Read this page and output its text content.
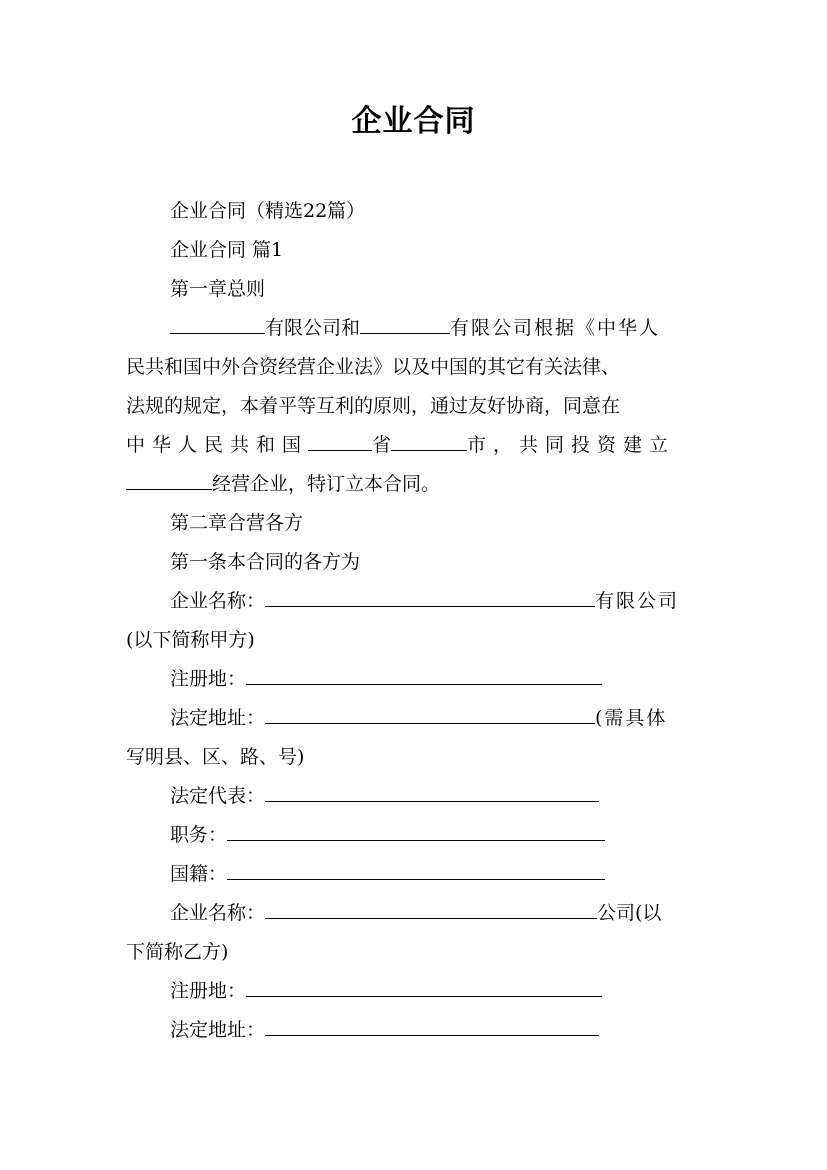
企业合同
企业合同（精选22篇）
企业合同 篇1
第一章总则
有限公司和	有限公司根据《中华人
民共和国中外合资经营企业法》以及中国的其它有关法律、
法规的规定，本着平等互利的原则，通过友好协商，同意在
中华人民共和国	省	市，共同投资建立
经营企业，特订立本合同。
第二章合营各方
第一条本合同的各方为
企业名称：	有限公司
(以下简称甲方)
注册地：
法定地址：	(需具体
写明县、区、路、号)
法定代表：
职务：
国籍：
企业名称：	公司(以
下简称乙方)
注册地：
法定地址：
